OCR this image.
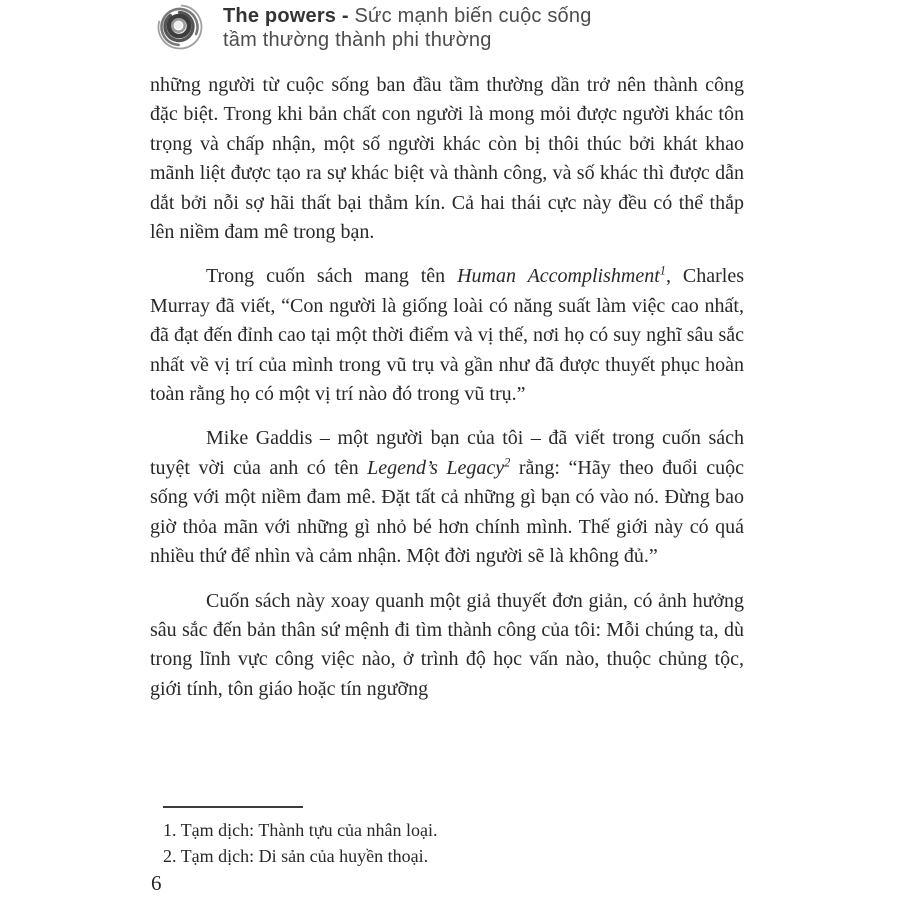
The powers - Sức mạnh biến cuộc sống
tầm thường thành phi thường

những người từ cuộc sống ban đầu tầm thường dần trở nên thành công đặc biệt. Trong khi bản chất con người là mong mỏi được người khác tôn trọng và chấp nhận, một số người khác còn bị thôi thúc bởi khát khao mãnh liệt được tạo ra sự khác biệt và thành công, và số khác thì được dẫn dắt bởi nỗi sợ hãi thất bại thẳm kín. Cả hai thái cực này đều có thể thắp lên niềm đam mê trong bạn.

Trong cuốn sách mang tên Human Accomplishment$^1$, Charles Murray đã viết, “Con người là giống loài có năng suất làm việc cao nhất, đã đạt đến đỉnh cao tại một thời điểm và vị thế, nơi họ có suy nghĩ sâu sắc nhất về vị trí của mình trong vũ trụ và gần như đã được thuyết phục hoàn toàn rằng họ có một vị trí nào đó trong vũ trụ.”

Mike Gaddis – một người bạn của tôi – đã viết trong cuốn sách tuyệt vời của anh có tên Legend’s Legacy$^2$ rằng: “Hãy theo đuổi cuộc sống với một niềm đam mê. Đặt tất cả những gì bạn có vào nó. Đừng bao giờ thỏa mãn với những gì nhỏ bé hơn chính mình. Thế giới này có quá nhiều thứ để nhìn và cảm nhận. Một đời người sẽ là không đủ.”

Cuốn sách này xoay quanh một giả thuyết đơn giản, có ảnh hưởng sâu sắc đến bản thân sứ mệnh đi tìm thành công của tôi: Mỗi chúng ta, dù trong lĩnh vực công việc nào, ở trình độ học vấn nào, thuộc chủng tộc, giới tính, tôn giáo hoặc tín ngưỡng

1. Tạm dịch: Thành tựu của nhân loại.
2. Tạm dịch: Di sản của huyền thoại.
6
